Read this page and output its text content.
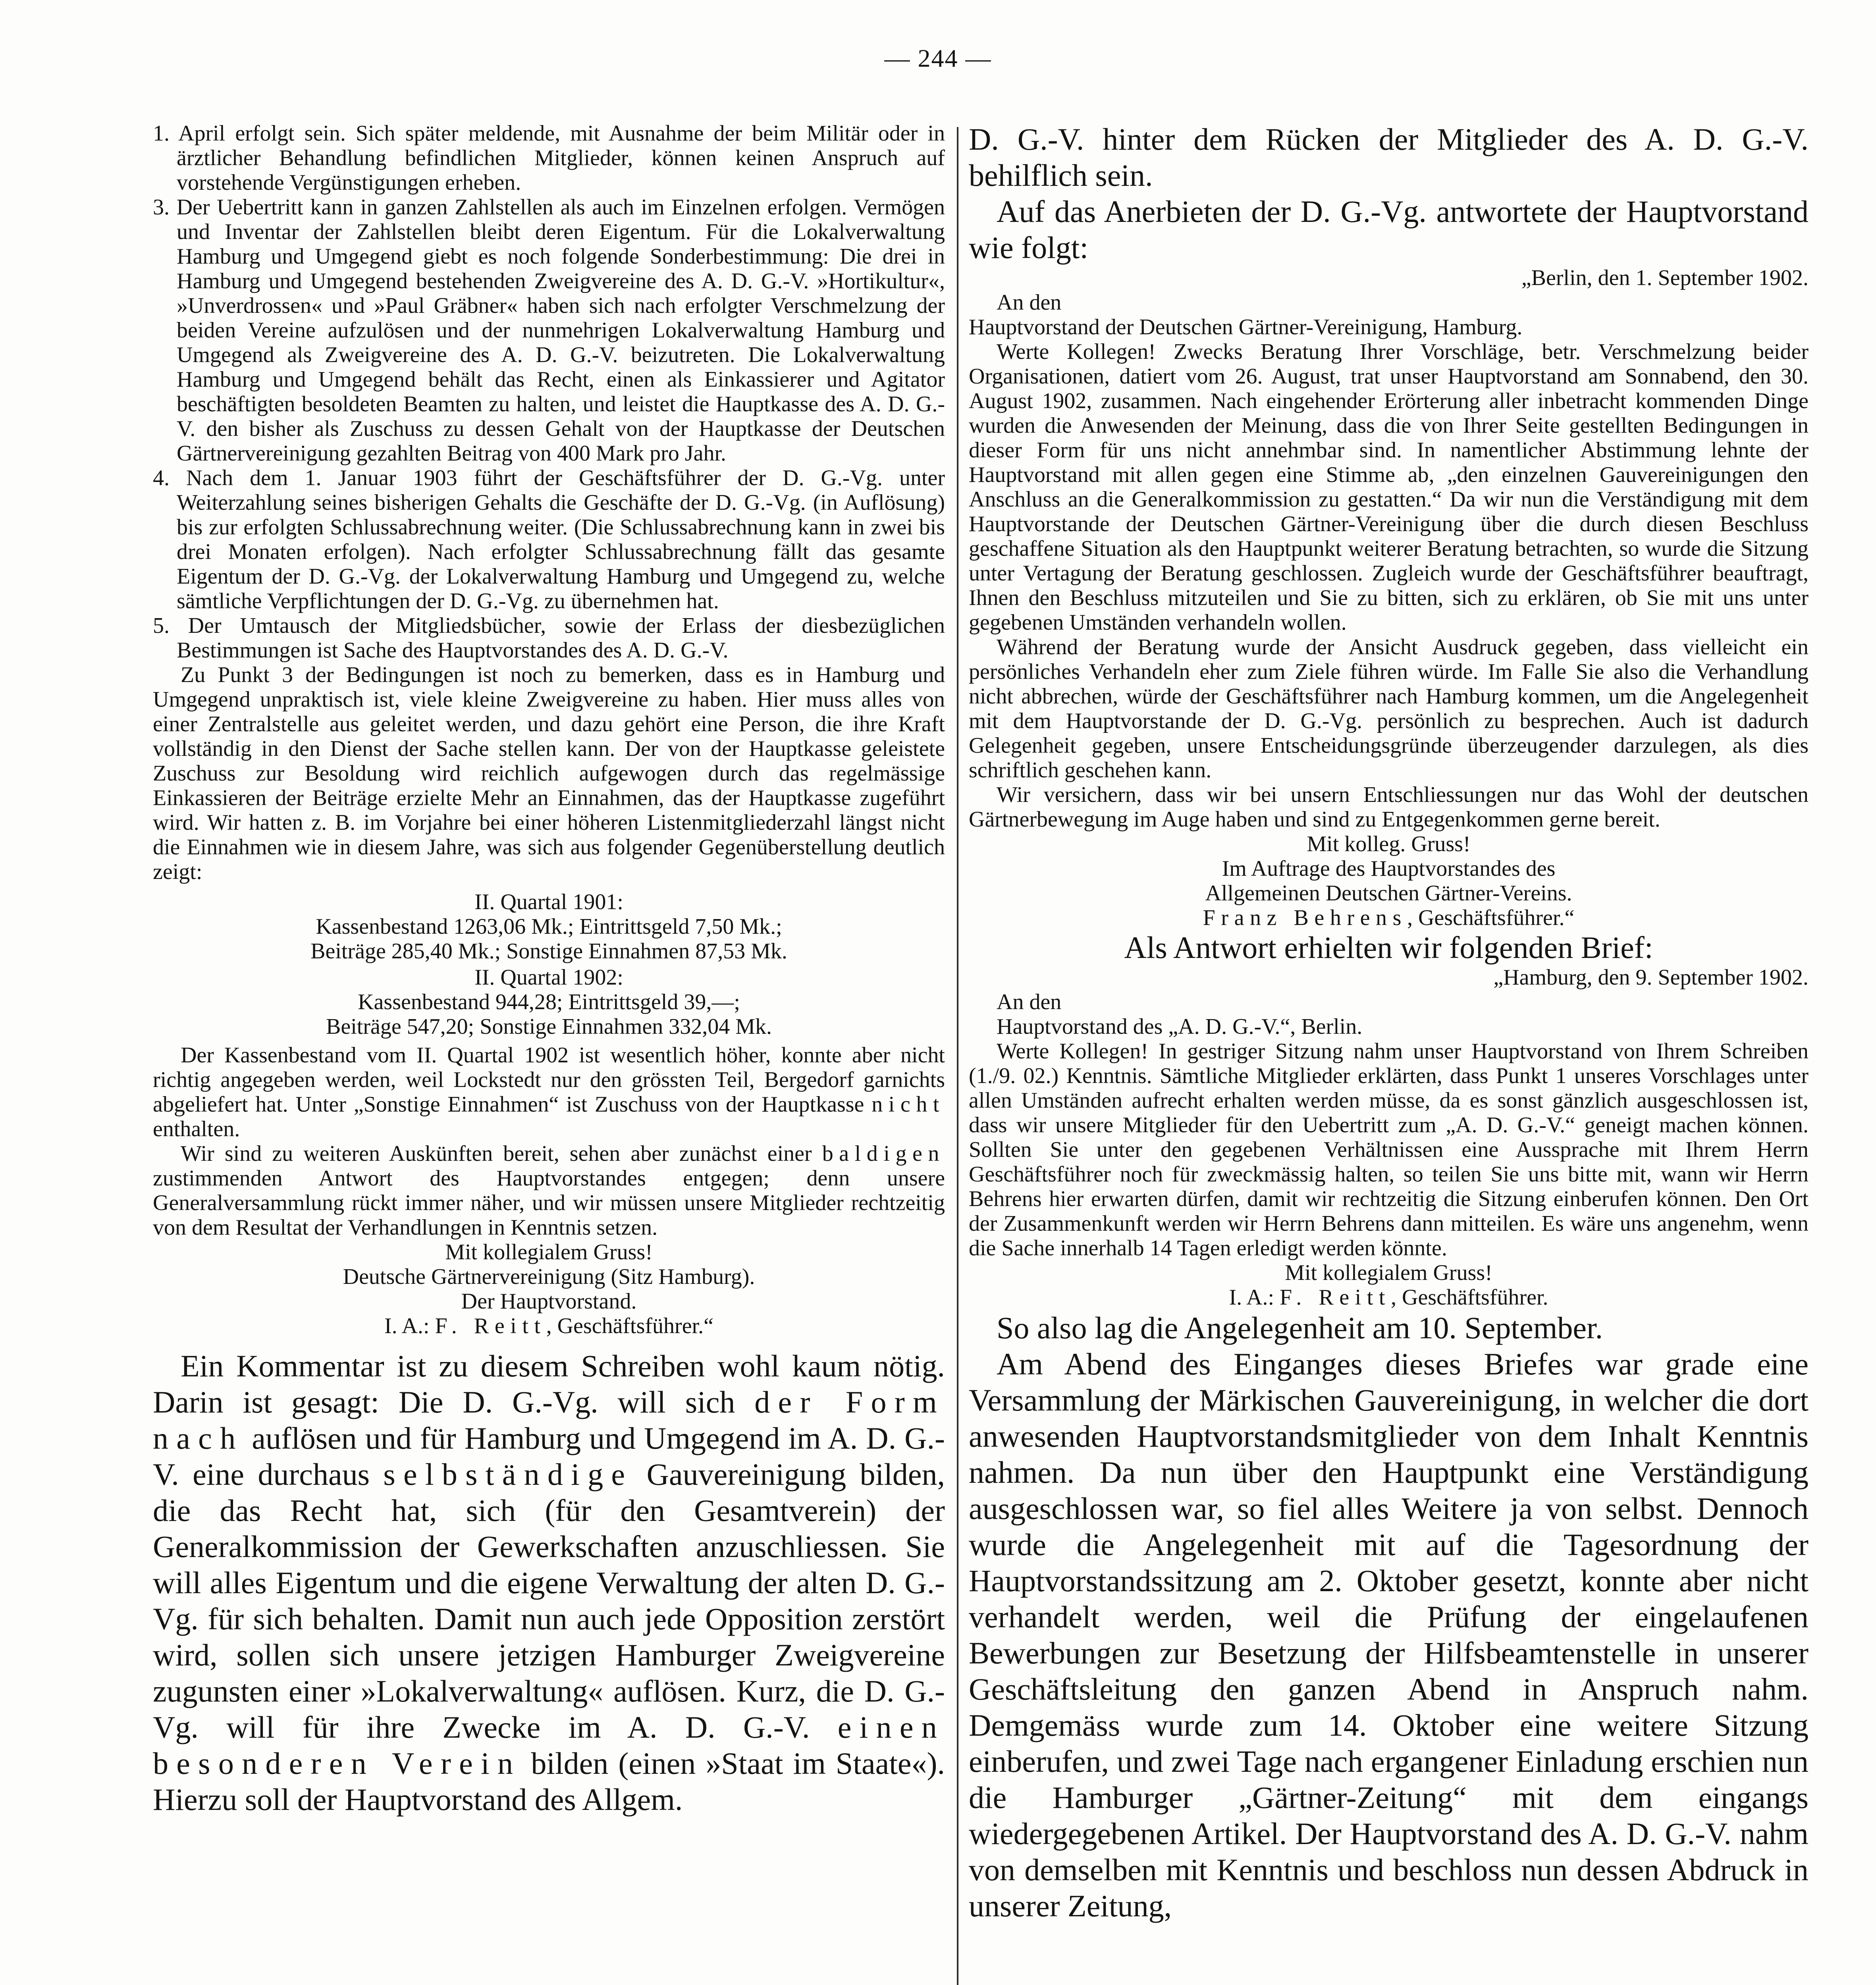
— 244 —

1. April erfolgt sein. Sich später meldende, mit Ausnahme der beim Militär oder in ärztlicher Behandlung befindlichen Mitglieder, können keinen Anspruch auf vorstehende Vergünstigungen erheben.

3. Der Uebertritt kann in ganzen Zahlstellen als auch im Einzelnen erfolgen. Vermögen und Inventar der Zahlstellen bleibt deren Eigentum. Für die Lokalverwaltung Hamburg und Umgegend giebt es noch folgende Sonderbestimmung: Die drei in Hamburg und Umgegend bestehenden Zweigvereine des A. D. G.-V. »Hortikultur«, »Unverdrossen« und »Paul Gräbner« haben sich nach erfolgter Verschmelzung der beiden Vereine aufzulösen und der nunmehrigen Lokalverwaltung Hamburg und Umgegend als Zweigvereine des A. D. G.-V. beizutreten. Die Lokalverwaltung Hamburg und Umgegend behält das Recht, einen als Einkassierer und Agitator beschäftigten besoldeten Beamten zu halten, und leistet die Hauptkasse des A. D. G.-V. den bisher als Zuschuss zu dessen Gehalt von der Hauptkasse der Deutschen Gärtnervereinigung gezahlten Beitrag von 400 Mark pro Jahr.

4. Nach dem 1. Januar 1903 führt der Geschäftsführer der D. G.-Vg. unter Weiterzahlung seines bisherigen Gehalts die Geschäfte der D. G.-Vg. (in Auflösung) bis zur erfolgten Schlussabrechnung weiter. (Die Schlussabrechnung kann in zwei bis drei Monaten erfolgen). Nach erfolgter Schlussabrechnung fällt das gesamte Eigentum der D. G.-Vg. der Lokalverwaltung Hamburg und Umgegend zu, welche sämtliche Verpflichtungen der D. G.-Vg. zu übernehmen hat.

5. Der Umtausch der Mitgliedsbücher, sowie der Erlass der diesbezüglichen Bestimmungen ist Sache des Hauptvorstandes des A. D. G.-V.

Zu Punkt 3 der Bedingungen ist noch zu bemerken, dass es in Hamburg und Umgegend unpraktisch ist, viele kleine Zweigvereine zu haben. Hier muss alles von einer Zentralstelle aus geleitet werden, und dazu gehört eine Person, die ihre Kraft vollständig in den Dienst der Sache stellen kann. Der von der Hauptkasse geleistete Zuschuss zur Besoldung wird reichlich aufgewogen durch das regelmässige Einkassieren der Beiträge erzielte Mehr an Einnahmen, das der Hauptkasse zugeführt wird. Wir hatten z. B. im Vorjahre bei einer höheren Listenmitgliederzahl längst nicht die Einnahmen wie in diesem Jahre, was sich aus folgender Gegenüberstellung deutlich zeigt:

II. Quartal 1901:

Kassenbestand 1263,06 Mk.; Eintrittsgeld 7,50 Mk.;

Beiträge 285,40 Mk.; Sonstige Einnahmen 87,53 Mk.

II. Quartal 1902:

Kassenbestand 944,28; Eintrittsgeld 39,—;

Beiträge 547,20; Sonstige Einnahmen 332,04 Mk.

Der Kassenbestand vom II. Quartal 1902 ist wesentlich höher, konnte aber nicht richtig angegeben werden, weil Lockstedt nur den grössten Teil, Bergedorf garnichts abgeliefert hat. Unter „Sonstige Einnahmen“ ist Zuschuss von der Hauptkasse nicht enthalten.

Wir sind zu weiteren Auskünften bereit, sehen aber zunächst einer baldigen zustimmenden Antwort des Hauptvorstandes entgegen; denn unsere Generalversammlung rückt immer näher, und wir müssen unsere Mitglieder rechtzeitig von dem Resultat der Verhandlungen in Kenntnis setzen.

Mit kollegialem Gruss!

Deutsche Gärtnervereinigung (Sitz Hamburg).

Der Hauptvorstand.

I. A.: F. Reitt, Geschäftsführer.“

Ein Kommentar ist zu diesem Schreiben wohl kaum nötig. Darin ist gesagt: Die D. G.-Vg. will sich der Form nach auflösen und für Hamburg und Umgegend im A. D. G.-V. eine durchaus selbständige Gauvereinigung bilden, die das Recht hat, sich (für den Gesamtverein) der Generalkommission der Gewerkschaften anzuschliessen. Sie will alles Eigentum und die eigene Verwaltung der alten D. G.-Vg. für sich behalten. Damit nun auch jede Opposition zerstört wird, sollen sich unsere jetzigen Hamburger Zweigvereine zugunsten einer »Lokalverwaltung« auflösen. Kurz, die D. G.-Vg. will für ihre Zwecke im A. D. G.-V. einen besonderen Verein bilden (einen »Staat im Staate«). Hierzu soll der Hauptvorstand des Allgem.

D. G.-V. hinter dem Rücken der Mitglieder des A. D. G.-V. behilflich sein.

Auf das Anerbieten der D. G.-Vg. antwortete der Hauptvorstand wie folgt:

„Berlin, den 1. September 1902.

An den

Hauptvorstand der Deutschen Gärtner-Vereinigung, Hamburg.

Werte Kollegen! Zwecks Beratung Ihrer Vorschläge, betr. Verschmelzung beider Organisationen, datiert vom 26. August, trat unser Hauptvorstand am Sonnabend, den 30. August 1902, zusammen. Nach eingehender Erörterung aller inbetracht kommenden Dinge wurden die Anwesenden der Meinung, dass die von Ihrer Seite gestellten Bedingungen in dieser Form für uns nicht annehmbar sind. In namentlicher Abstimmung lehnte der Hauptvorstand mit allen gegen eine Stimme ab, „den einzelnen Gauvereinigungen den Anschluss an die Generalkommission zu gestatten.“ Da wir nun die Verständigung mit dem Hauptvorstande der Deutschen Gärtner-Vereinigung über die durch diesen Beschluss geschaffene Situation als den Hauptpunkt weiterer Beratung betrachten, so wurde die Sitzung unter Vertagung der Beratung geschlossen. Zugleich wurde der Geschäftsführer beauftragt, Ihnen den Beschluss mitzuteilen und Sie zu bitten, sich zu erklären, ob Sie mit uns unter gegebenen Umständen verhandeln wollen.

Während der Beratung wurde der Ansicht Ausdruck gegeben, dass vielleicht ein persönliches Verhandeln eher zum Ziele führen würde. Im Falle Sie also die Verhandlung nicht abbrechen, würde der Geschäftsführer nach Hamburg kommen, um die Angelegenheit mit dem Hauptvorstande der D. G.-Vg. persönlich zu besprechen. Auch ist dadurch Gelegenheit gegeben, unsere Entscheidungsgründe überzeugender darzulegen, als dies schriftlich geschehen kann.

Wir versichern, dass wir bei unsern Entschliessungen nur das Wohl der deutschen Gärtnerbewegung im Auge haben und sind zu Entgegenkommen gerne bereit.

Mit kolleg. Gruss!

Im Auftrage des Hauptvorstandes des

Allgemeinen Deutschen Gärtner-Vereins.

Franz Behrens, Geschäftsführer.“

Als Antwort erhielten wir folgenden Brief:

„Hamburg, den 9. September 1902.

An den

Hauptvorstand des „A. D. G.-V.“, Berlin.

Werte Kollegen! In gestriger Sitzung nahm unser Hauptvorstand von Ihrem Schreiben (1./9. 02.) Kenntnis. Sämtliche Mitglieder erklärten, dass Punkt 1 unseres Vorschlages unter allen Umständen aufrecht erhalten werden müsse, da es sonst gänzlich ausgeschlossen ist, dass wir unsere Mitglieder für den Uebertritt zum „A. D. G.-V.“ geneigt machen können. Sollten Sie unter den gegebenen Verhältnissen eine Aussprache mit Ihrem Herrn Geschäftsführer noch für zweckmässig halten, so teilen Sie uns bitte mit, wann wir Herrn Behrens hier erwarten dürfen, damit wir rechtzeitig die Sitzung einberufen können. Den Ort der Zusammenkunft werden wir Herrn Behrens dann mitteilen. Es wäre uns angenehm, wenn die Sache innerhalb 14 Tagen erledigt werden könnte.

Mit kollegialem Gruss!

I. A.: F. Reitt, Geschäftsführer.

So also lag die Angelegenheit am 10. September.

Am Abend des Einganges dieses Briefes war grade eine Versammlung der Märkischen Gauvereinigung, in welcher die dort anwesenden Hauptvorstandsmitglieder von dem Inhalt Kenntnis nahmen. Da nun über den Hauptpunkt eine Verständigung ausgeschlossen war, so fiel alles Weitere ja von selbst. Dennoch wurde die Angelegenheit mit auf die Tagesordnung der Hauptvorstandssitzung am 2. Oktober gesetzt, konnte aber nicht verhandelt werden, weil die Prüfung der eingelaufenen Bewerbungen zur Besetzung der Hilfsbeamtenstelle in unserer Geschäftsleitung den ganzen Abend in Anspruch nahm. Demgemäss wurde zum 14. Oktober eine weitere Sitzung einberufen, und zwei Tage nach ergangener Einladung erschien nun die Hamburger „Gärtner-Zeitung“ mit dem eingangs wiedergegebenen Artikel. Der Hauptvorstand des A. D. G.-V. nahm von demselben mit Kenntnis und beschloss nun dessen Abdruck in unserer Zeitung,
